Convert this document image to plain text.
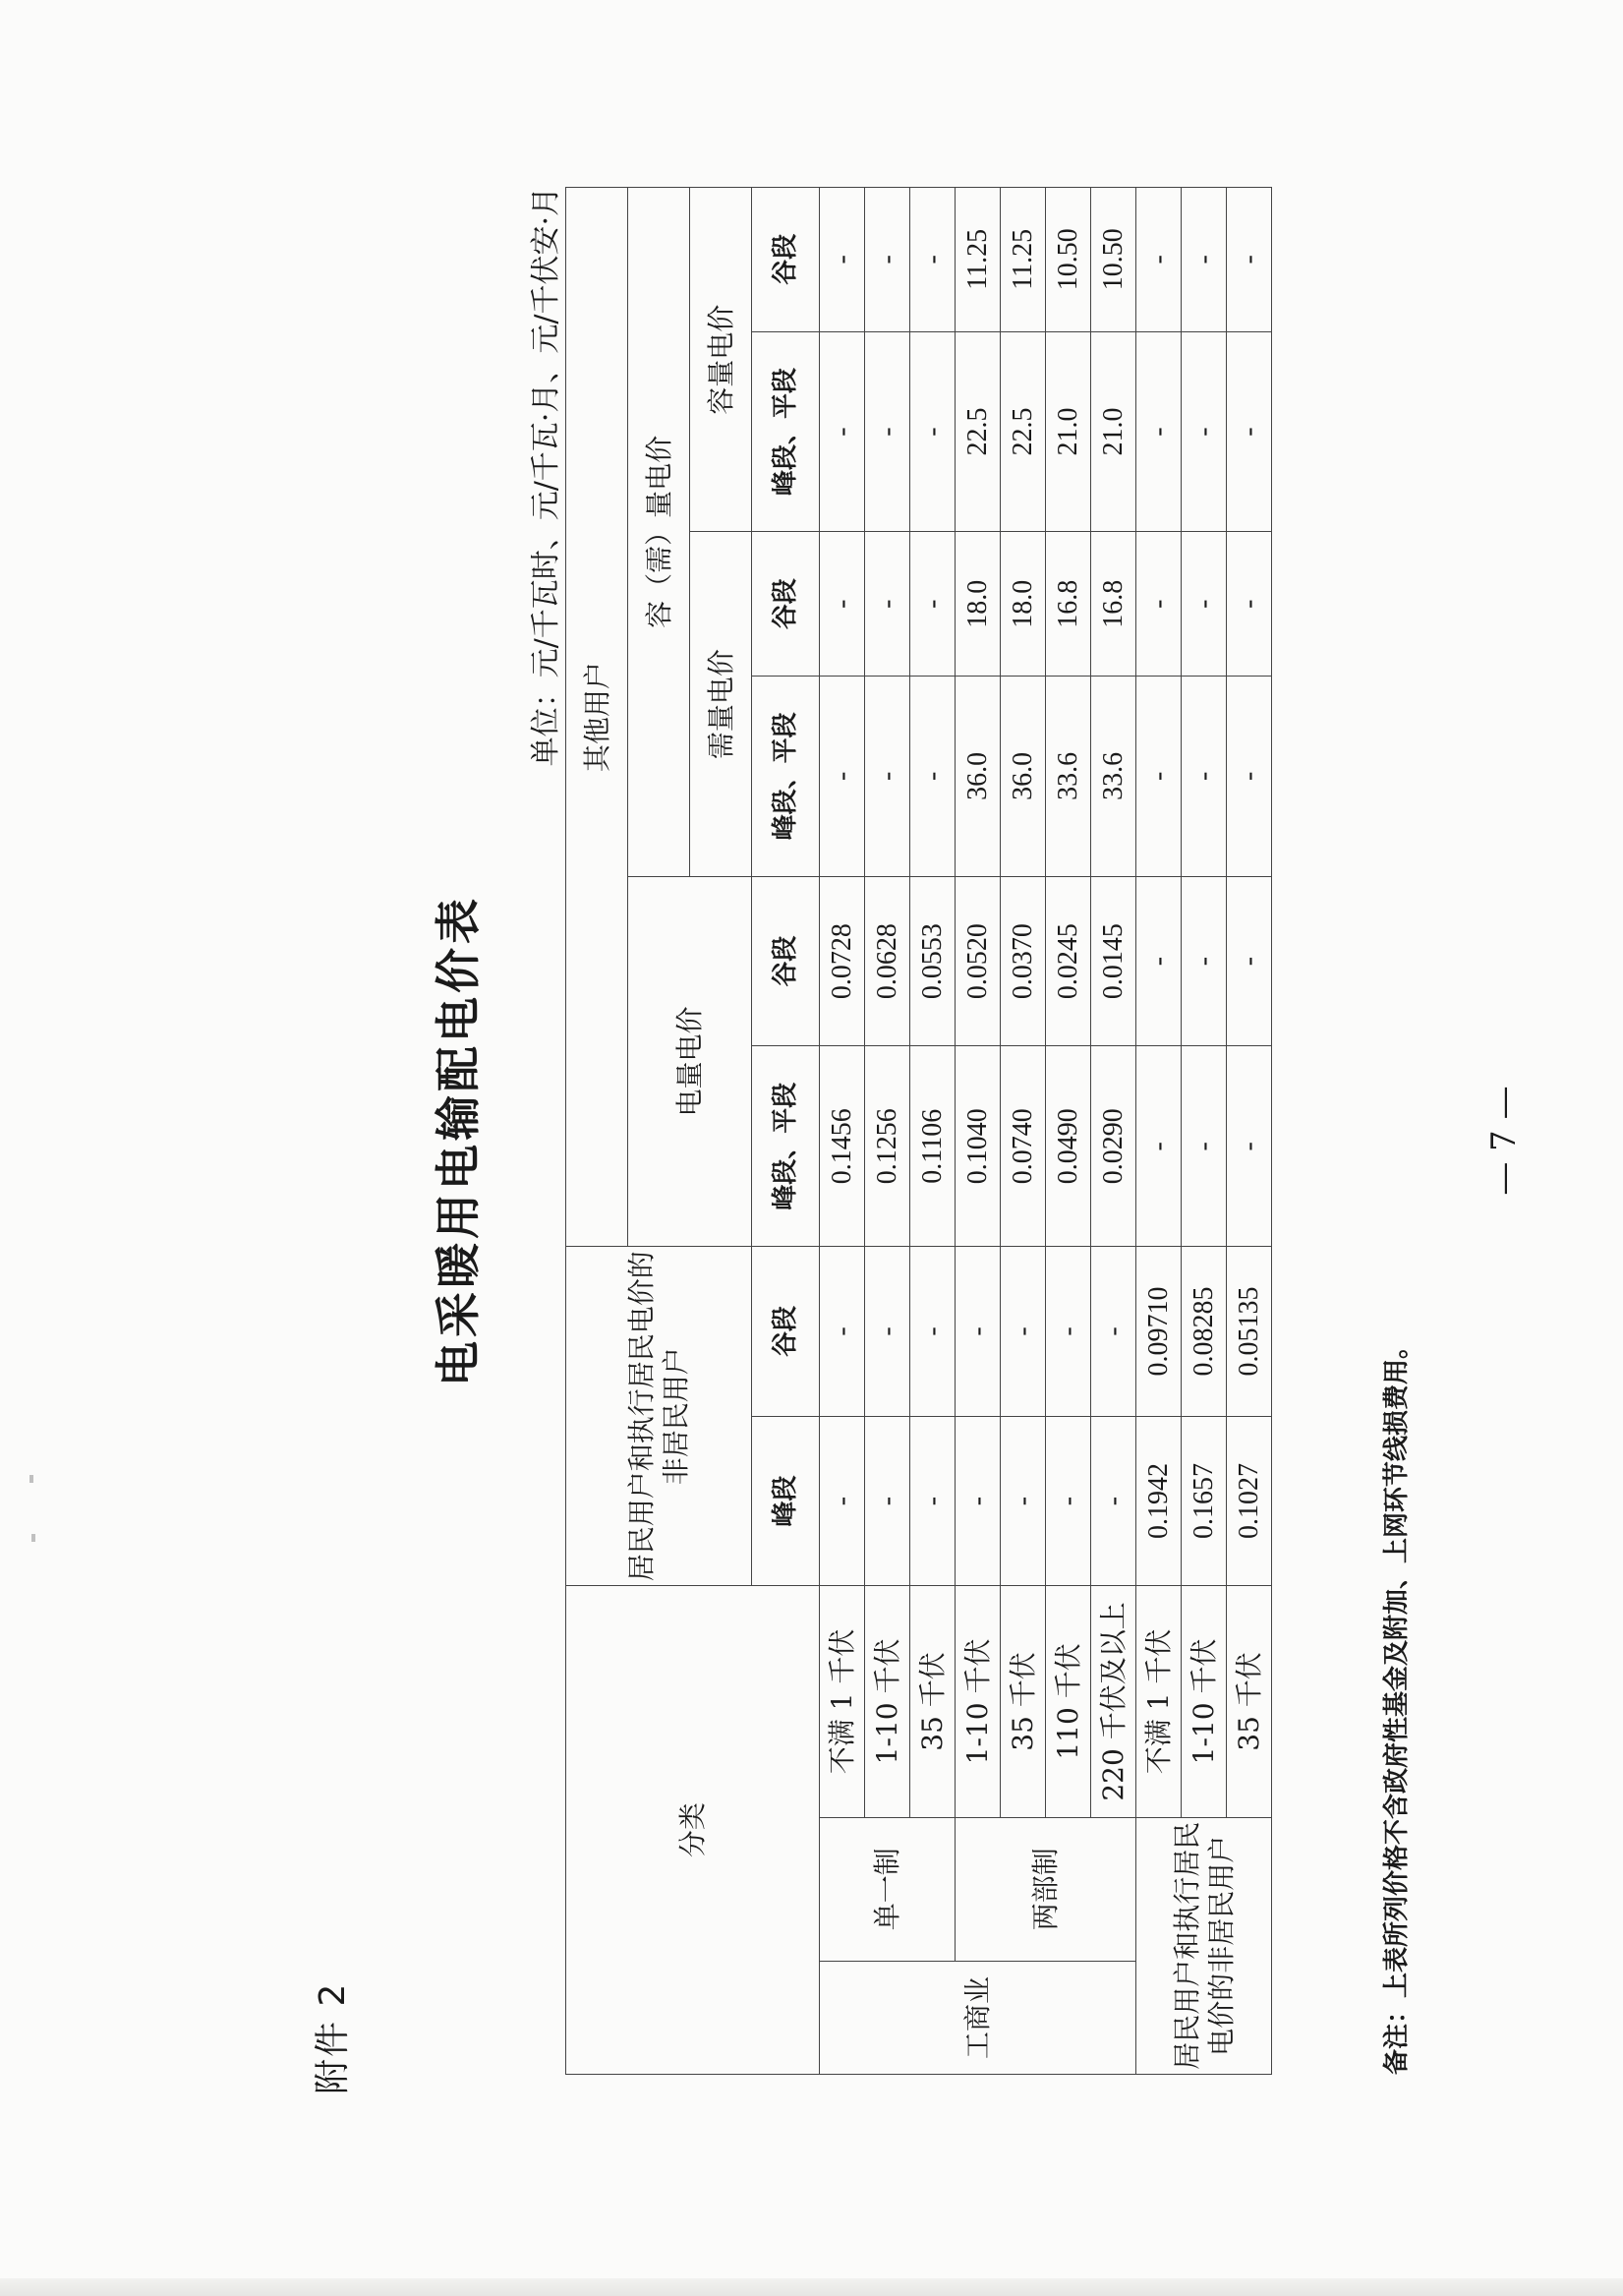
附件 2
电采暖用电输配电价表
单位：元/千瓦时、元/千瓦·月、元/千伏安·月
分类			居民用户和执行居民电价的非居民用户		其他用户					
					电量电价		容（需）量电价			
							需量电价		容量电价	
			峰段	谷段	峰段、平段	谷段	峰段、平段	谷段	峰段、平段	谷段
工商业	单一制	不满 1 千伏	-	-	0.1456	0.0728	-	-	-	-
		1-10 千伏	-	-	0.1256	0.0628	-	-	-	-
		35 千伏	-	-	0.1106	0.0553	-	-	-	-
	两部制	1-10 千伏	-	-	0.1040	0.0520	36.0	18.0	22.5	11.25
		35 千伏	-	-	0.0740	0.0370	36.0	18.0	22.5	11.25
		110 千伏	-	-	0.0490	0.0245	33.6	16.8	21.0	10.50
		220 千伏及以上	-	-	0.0290	0.0145	33.6	16.8	21.0	10.50
居民用户和执行居民电价的非居民用户		不满 1 千伏	0.1942	0.09710	-	-	-	-	-	-
		1-10 千伏	0.1657	0.08285	-	-	-	-	-	-
		35 千伏	0.1027	0.05135	-	-	-	-	-	-
备注：上表所列价格不含政府性基金及附加、上网环节线损费用。
— 7 —
